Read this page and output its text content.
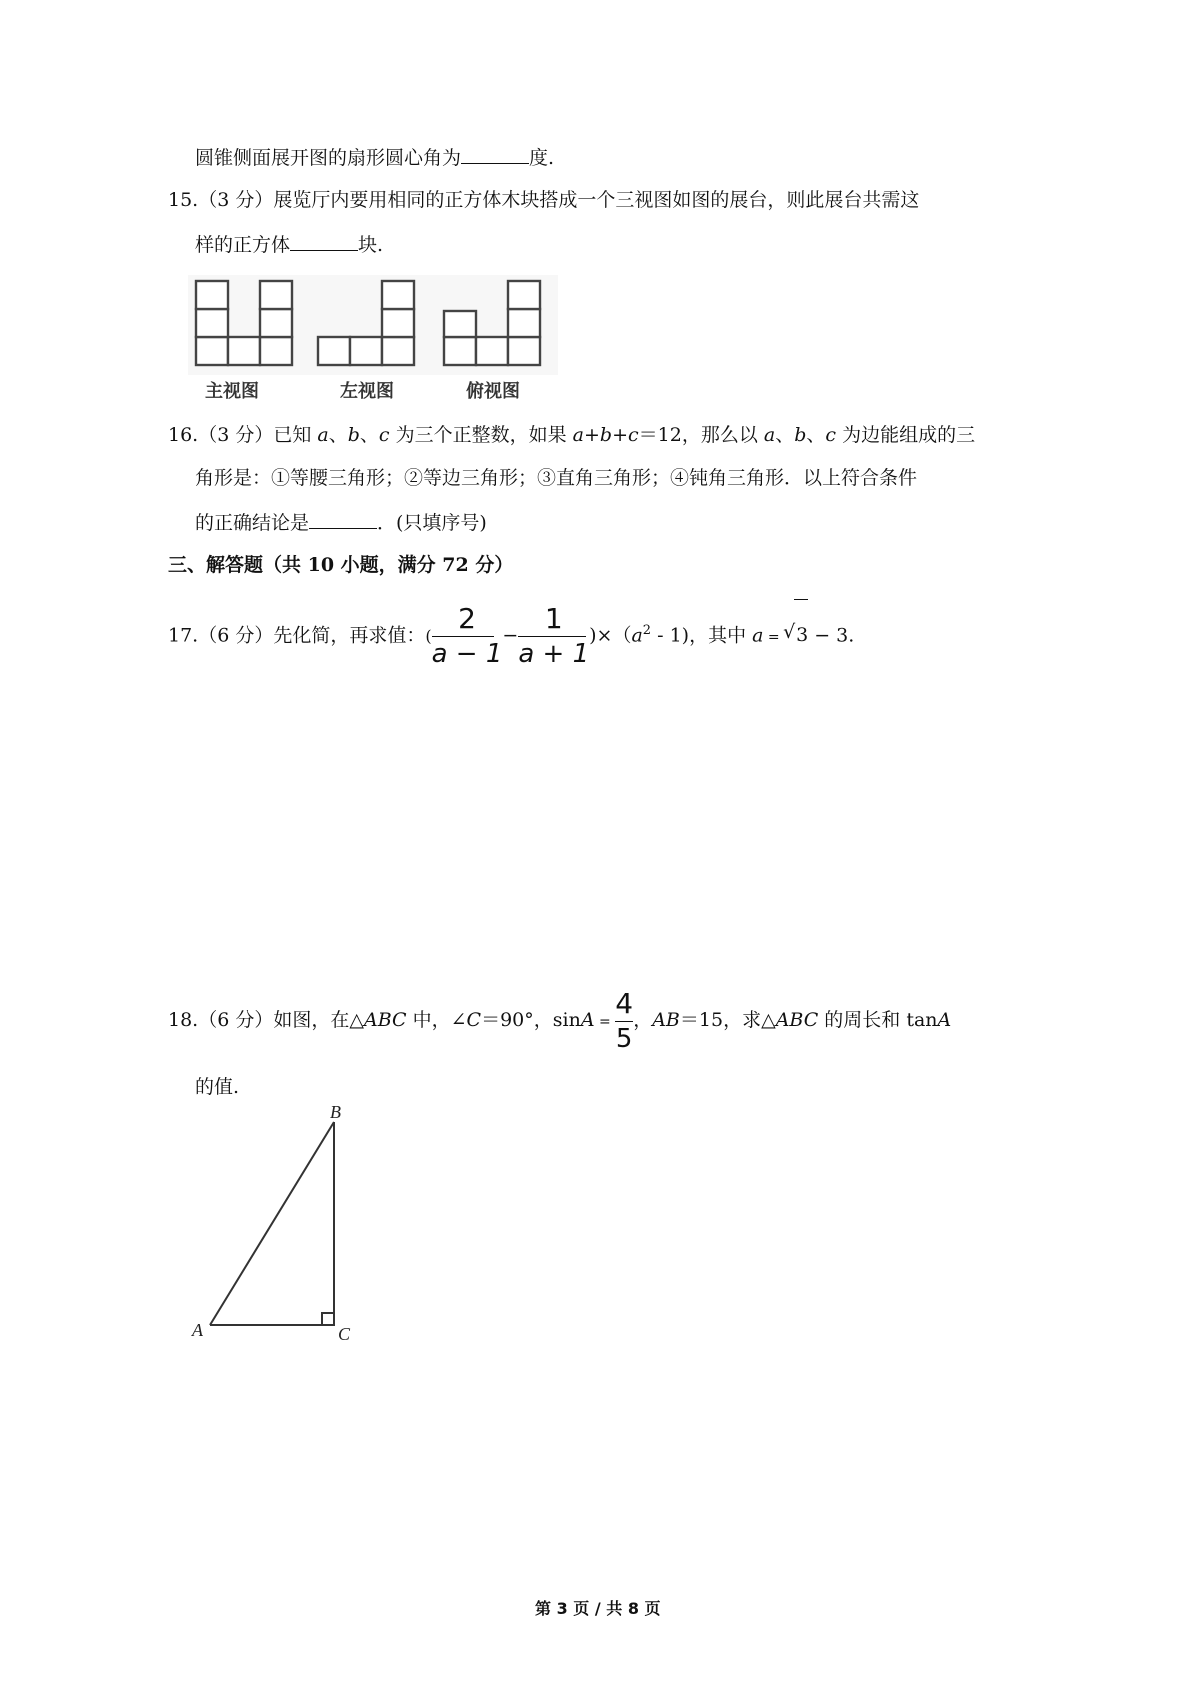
圆锥侧面展开图的扇形圆心角为	度.
15.（3 分）展览厅内要用相同的正方体木块搭成一个三视图如图的展台，则此展台共需这
样的正方体	块.
主视图	左视图	俯视图
16.（3 分）已知 a、b、c 为三个正整数，如果 a+b+c＝12，那么以 a、b、c 为边能组成的三
角形是：①等腰三角形；②等边三角形；③直角三角形；④钝角三角形．以上符合条件
的正确结论是	．(只填序号)
三、解答题（共 10 小题，满分 72 分）
17.（6 分）先化简，再求值：( $\frac{2}{a - 1} - \frac{1}{a + 1} )\times(a^2 - 1)$，其中 a = √ 3 − 3.
18.（6 分）如图，在△ABC 中，∠C＝90°，$\sin A = \frac{4}{5}$ ，AB＝15，求△ABC 的周长和 tanA
的值.
B
A	C
第 3 页 / 共 8 页
